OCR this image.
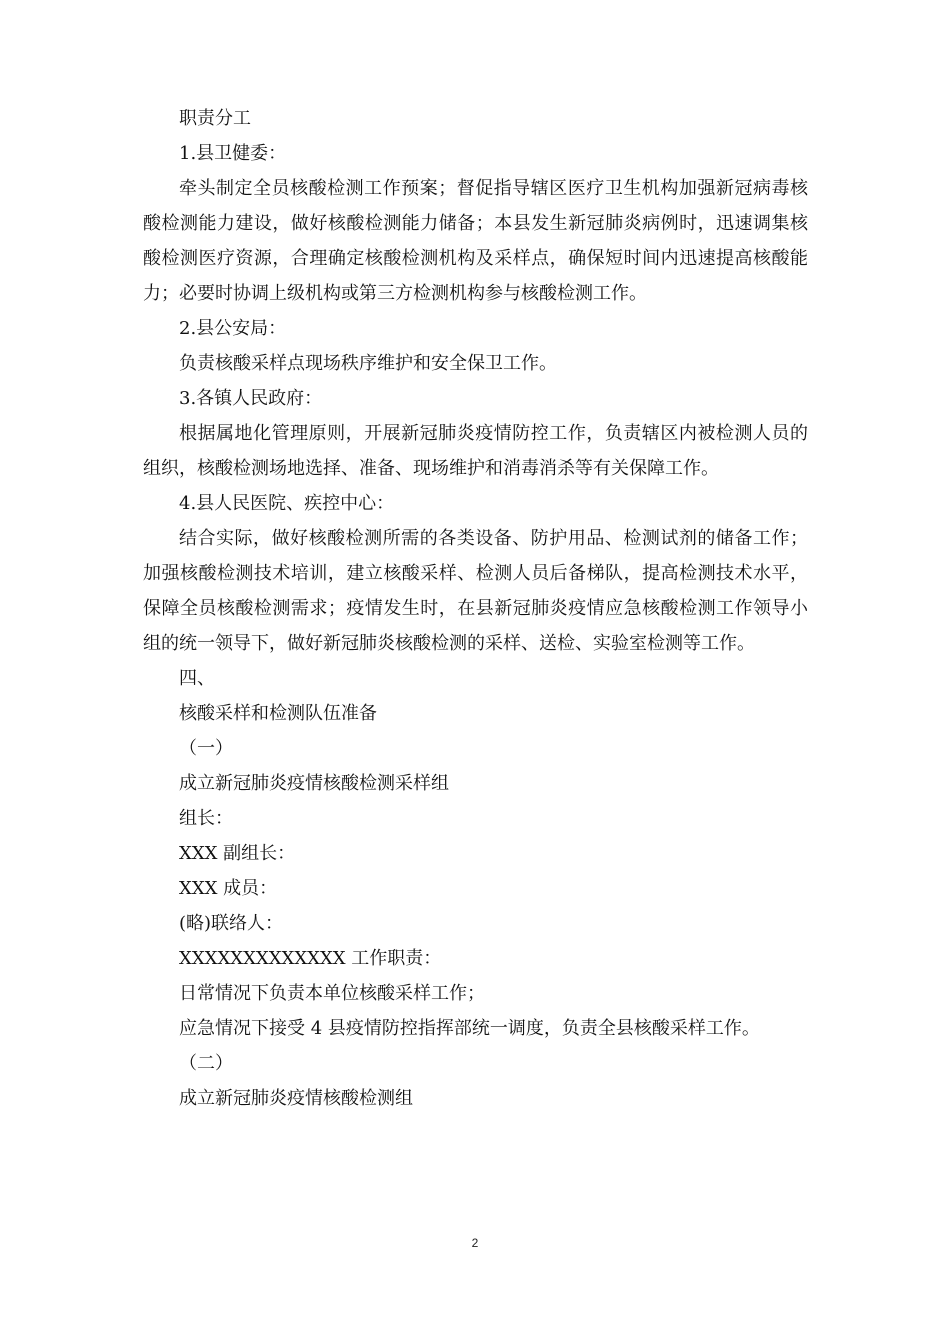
职责分工
1.县卫健委：

牵头制定全员核酸检测工作预案；督促指导辖区医疗卫生机构加强新冠病毒核酸检测能力建设，做好核酸检测能力储备；本县发生新冠肺炎病例时，迅速调集核酸检测医疗资源，合理确定核酸检测机构及采样点，确保短时间内迅速提高核酸能力；必要时协调上级机构或第三方检测机构参与核酸检测工作。

2.县公安局：
负责核酸采样点现场秩序维护和安全保卫工作。
3.各镇人民政府：

根据属地化管理原则，开展新冠肺炎疫情防控工作，负责辖区内被检测人员的组织，核酸检测场地选择、准备、现场维护和消毒消杀等有关保障工作。

4.县人民医院、疾控中心：

结合实际，做好核酸检测所需的各类设备、防护用品、检测试剂的储备工作；加强核酸检测技术培训，建立核酸采样、检测人员后备梯队，提高检测技术水平，保障全员核酸检测需求；疫情发生时，在县新冠肺炎疫情应急核酸检测工作领导小组的统一领导下，做好新冠肺炎核酸检测的采样、送检、实验室检测等工作。

四、
核酸采样和检测队伍准备
（一）
成立新冠肺炎疫情核酸检测采样组
组长：
XXX 副组长：
XXX 成员：
(略)联络人：
XXXXXXXXXXXXX 工作职责：
日常情况下负责本单位核酸采样工作；
应急情况下接受 4 县疫情防控指挥部统一调度，负责全县核酸采样工作。
（二）
成立新冠肺炎疫情核酸检测组
2
